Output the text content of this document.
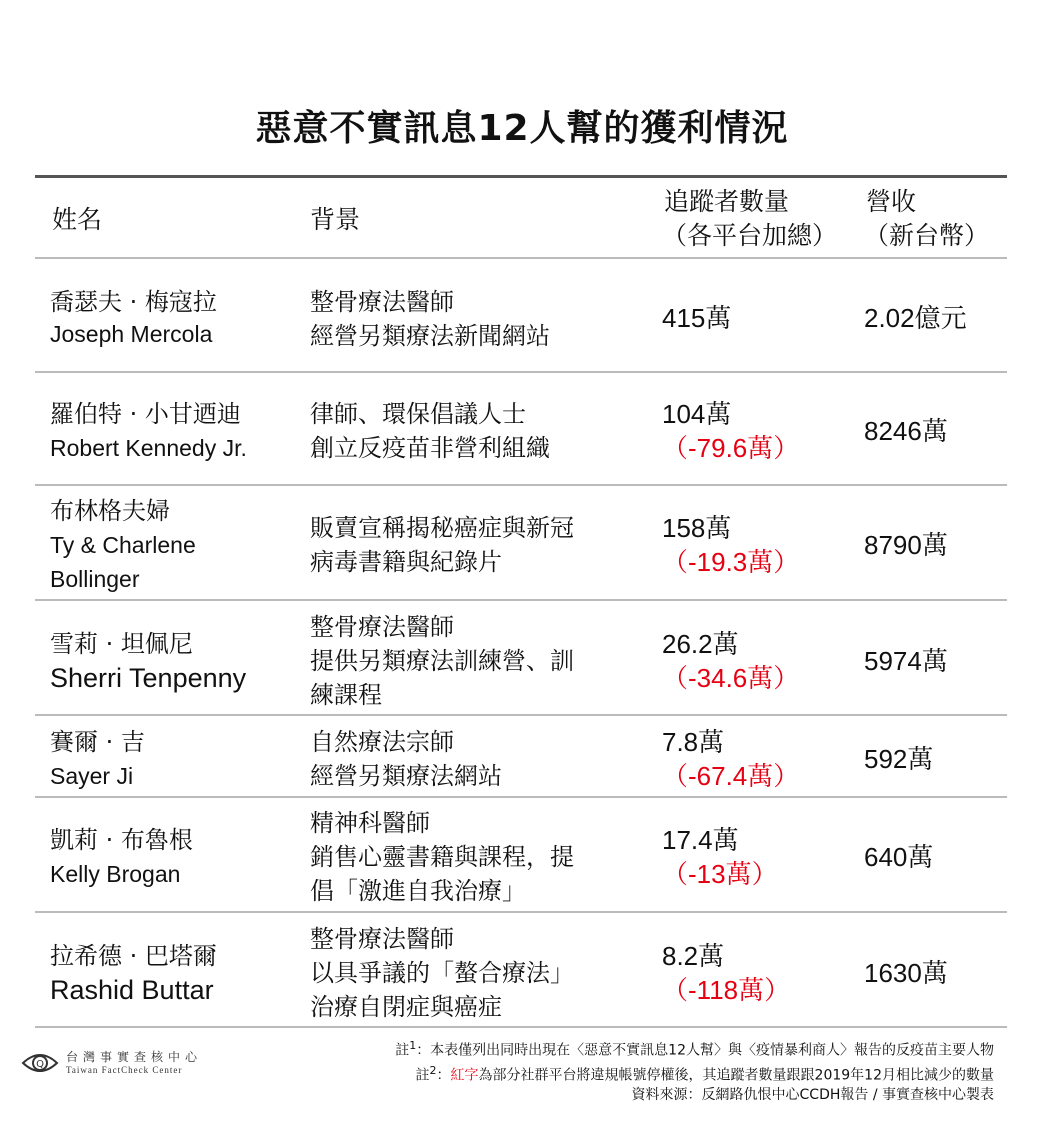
惡意不實訊息12人幫的獲利情況
姓名	背景
追蹤者數量
（各平台加總）
營收
（新台幣）
喬瑟夫 · 梅寇拉
Joseph Mercola
整骨療法醫師
經營另類療法新聞網站
415萬	2.02億元
羅伯特 · 小甘迺迪
Robert Kennedy Jr.
律師、環保倡議人士
創立反疫苗非營利組織
104萬
（-79.6萬）
8246萬
布林格夫婦
Ty & Charlene Bollinger
販賣宣稱揭秘癌症與新冠
病毒書籍與紀錄片
158萬
（-19.3萬）
8790萬
雪莉 · 坦佩尼
Sherri Tenpenny
整骨療法醫師
提供另類療法訓練營、訓
練課程
26.2萬
（-34.6萬）
5974萬
賽爾 · 吉
Sayer Ji
自然療法宗師
經營另類療法網站
7.8萬
（-67.4萬）
592萬
凱莉 · 布魯根
Kelly Brogan
精神科醫師
銷售心靈書籍與課程，提
倡「激進自我治療」
17.4萬
（-13萬）
640萬
拉希德 · 巴塔爾
Rashid Buttar
整骨療法醫師
以具爭議的「螯合療法」
治療自閉症與癌症
8.2萬
（-118萬）
1630萬
Q
台灣事實查核中心
Taiwan FactCheck Center
註$^1$：本表僅列出同時出現在〈惡意不實訊息12人幫〉與〈疫情暴利商人〉報告的反疫苗主要人物
註$^2$：紅字為部分社群平台將違規帳號停權後，其追蹤者數量跟跟2019年12月相比減少的數量
資料來源：反網路仇恨中心CCDH報告 / 事實查核中心製表
